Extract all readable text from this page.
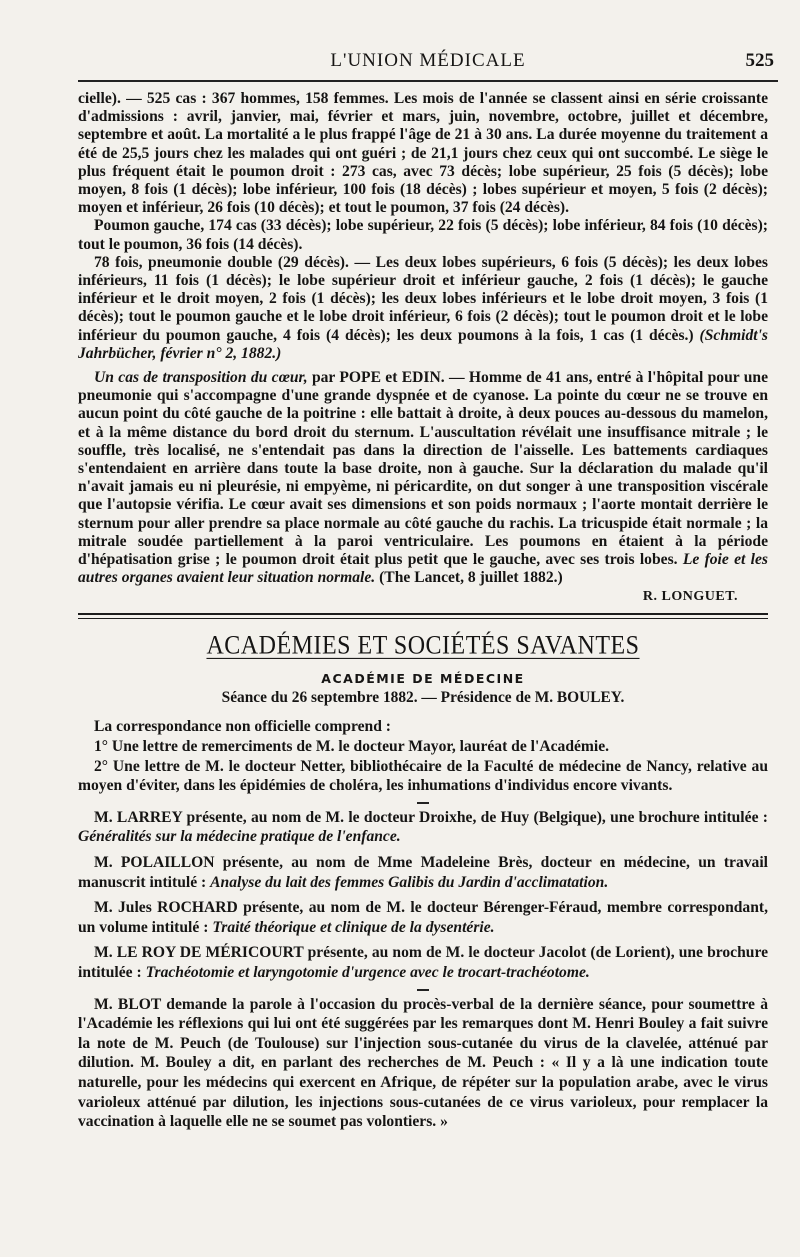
L'UNION MÉDICALE	525

cielle). — 525 cas : 367 hommes, 158 femmes. Les mois de l'année se classent ainsi en série croissante d'admissions : avril, janvier, mai, février et mars, juin, novembre, octobre, juillet et décembre, septembre et août. La mortalité a le plus frappé l'âge de 21 à 30 ans. La durée moyenne du traitement a été de 25,5 jours chez les malades qui ont guéri ; de 21,1 jours chez ceux qui ont succombé. Le siège le plus fréquent était le poumon droit : 273 cas, avec 73 décès; lobe supérieur, 25 fois (5 décès); lobe moyen, 8 fois (1 décès); lobe inférieur, 100 fois (18 décès) ; lobes supérieur et moyen, 5 fois (2 décès); moyen et inférieur, 26 fois (10 décès); et tout le poumon, 37 fois (24 décès).

Poumon gauche, 174 cas (33 décès); lobe supérieur, 22 fois (5 décès); lobe inférieur, 84 fois (10 décès); tout le poumon, 36 fois (14 décès).

78 fois, pneumonie double (29 décès). — Les deux lobes supérieurs, 6 fois (5 décès); les deux lobes inférieurs, 11 fois (1 décès); le lobe supérieur droit et inférieur gauche, 2 fois (1 décès); le gauche inférieur et le droit moyen, 2 fois (1 décès); les deux lobes inférieurs et le lobe droit moyen, 3 fois (1 décès); tout le poumon gauche et le lobe droit inférieur, 6 fois (2 décès); tout le poumon droit et le lobe inférieur du poumon gauche, 4 fois (4 décès); les deux poumons à la fois, 1 cas (1 décès.) (Schmidt's Jahrbücher, février n° 2, 1882.)

Un cas de transposition du cœur, par POPE et EDIN. — Homme de 41 ans, entré à l'hôpital pour une pneumonie qui s'accompagne d'une grande dyspnée et de cyanose. La pointe du cœur ne se trouve en aucun point du côté gauche de la poitrine : elle battait à droite, à deux pouces au-dessous du mamelon, et à la même distance du bord droit du sternum. L'auscultation révélait une insuffisance mitrale ; le souffle, très localisé, ne s'entendait pas dans la direction de l'aisselle. Les battements cardiaques s'entendaient en arrière dans toute la base droite, non à gauche. Sur la déclaration du malade qu'il n'avait jamais eu ni pleurésie, ni empyème, ni péricardite, on dut songer à une transposition viscérale que l'autopsie vérifia. Le cœur avait ses dimensions et son poids normaux ; l'aorte montait derrière le sternum pour aller prendre sa place normale au côté gauche du rachis. La tricuspide était normale ; la mitrale soudée partiellement à la paroi ventriculaire. Les poumons en étaient à la période d'hépatisation grise ; le poumon droit était plus petit que le gauche, avec ses trois lobes. Le foie et les autres organes avaient leur situation normale. (The Lancet, 8 juillet 1882.)

R. LONGUET.
ACADÉMIES ET SOCIÉTÉS SAVANTES
ACADÉMIE DE MÉDECINE
Séance du 26 septembre 1882. — Présidence de M. BOULEY.

La correspondance non officielle comprend :

1° Une lettre de remerciments de M. le docteur Mayor, lauréat de l'Académie.

2° Une lettre de M. le docteur Netter, bibliothécaire de la Faculté de médecine de Nancy, relative au moyen d'éviter, dans les épidémies de choléra, les inhumations d'individus encore vivants.

M. LARREY présente, au nom de M. le docteur Droixhe, de Huy (Belgique), une brochure intitulée : Généralités sur la médecine pratique de l'enfance.

M. POLAILLON présente, au nom de Mme Madeleine Brès, docteur en médecine, un travail manuscrit intitulé : Analyse du lait des femmes Galibis du Jardin d'acclimatation.

M. Jules ROCHARD présente, au nom de M. le docteur Bérenger-Féraud, membre correspondant, un volume intitulé : Traité théorique et clinique de la dysentérie.

M. LE ROY DE MÉRICOURT présente, au nom de M. le docteur Jacolot (de Lorient), une brochure intitulée : Trachéotomie et laryngotomie d'urgence avec le trocart-trachéotome.

M. BLOT demande la parole à l'occasion du procès-verbal de la dernière séance, pour soumettre à l'Académie les réflexions qui lui ont été suggérées par les remarques dont M. Henri Bouley a fait suivre la note de M. Peuch (de Toulouse) sur l'injection sous-cutanée du virus de la clavelée, atténué par dilution. M. Bouley a dit, en parlant des recherches de M. Peuch : « Il y a là une indication toute naturelle, pour les médecins qui exercent en Afrique, de répéter sur la population arabe, avec le virus varioleux atténué par dilution, les injections sous-cutanées de ce virus varioleux, pour remplacer la vaccination à laquelle elle ne se soumet pas volontiers. »
